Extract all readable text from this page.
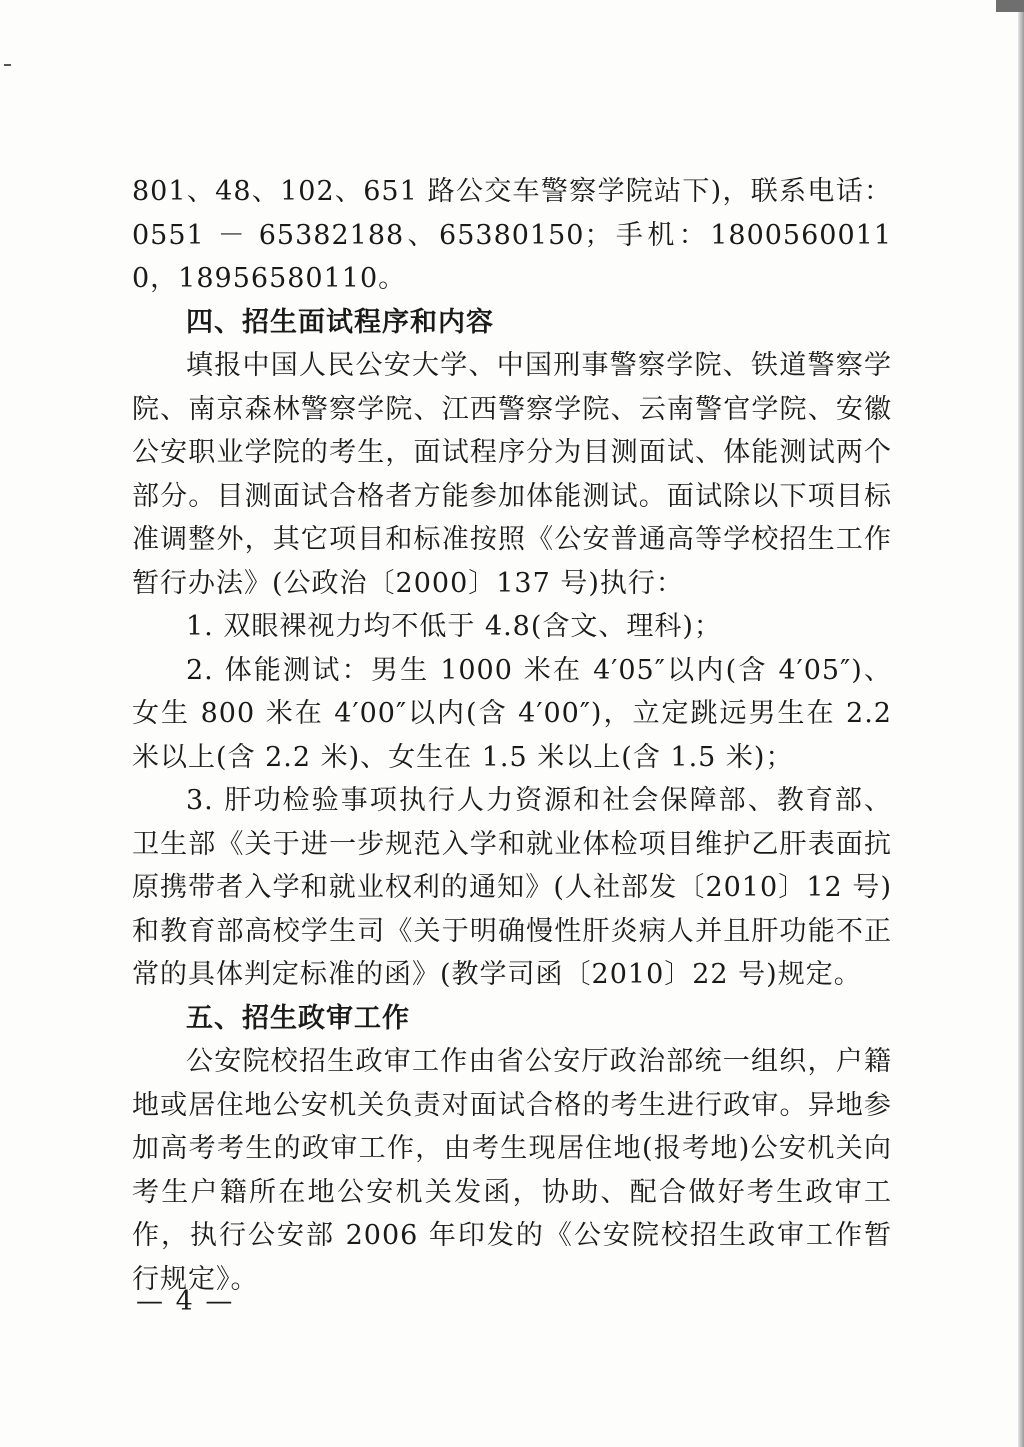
801、48、102、651 路公交车警察学院站下)，联系电话：0551 － 65382188、65380150；手机：18005600110，18956580110。

四、招生面试程序和内容

填报中国人民公安大学、中国刑事警察学院、铁道警察学院、南京森林警察学院、江西警察学院、云南警官学院、安徽公安职业学院的考生，面试程序分为目测面试、体能测试两个部分。目测面试合格者方能参加体能测试。面试除以下项目标准调整外，其它项目和标准按照《公安普通高等学校招生工作暂行办法》(公政治〔2000〕137 号)执行：

1. 双眼裸视力均不低于 4.8(含文、理科)；

2. 体能测试：男生 1000 米在 4′05″以内(含 4′05″)、女生 800 米在 4′00″以内(含 4′00″)，立定跳远男生在 2.2 米以上(含 2.2 米)、女生在 1.5 米以上(含 1.5 米)；

3. 肝功检验事项执行人力资源和社会保障部、教育部、卫生部《关于进一步规范入学和就业体检项目维护乙肝表面抗原携带者入学和就业权利的通知》(人社部发〔2010〕12 号)和教育部高校学生司《关于明确慢性肝炎病人并且肝功能不正常的具体判定标准的函》(教学司函〔2010〕22 号)规定。

五、招生政审工作

公安院校招生政审工作由省公安厅政治部统一组织，户籍地或居住地公安机关负责对面试合格的考生进行政审。异地参加高考考生的政审工作，由考生现居住地(报考地)公安机关向考生户籍所在地公安机关发函，协助、配合做好考生政审工作，执行公安部 2006 年印发的《公安院校招生政审工作暂行规定》。

— 4 —
